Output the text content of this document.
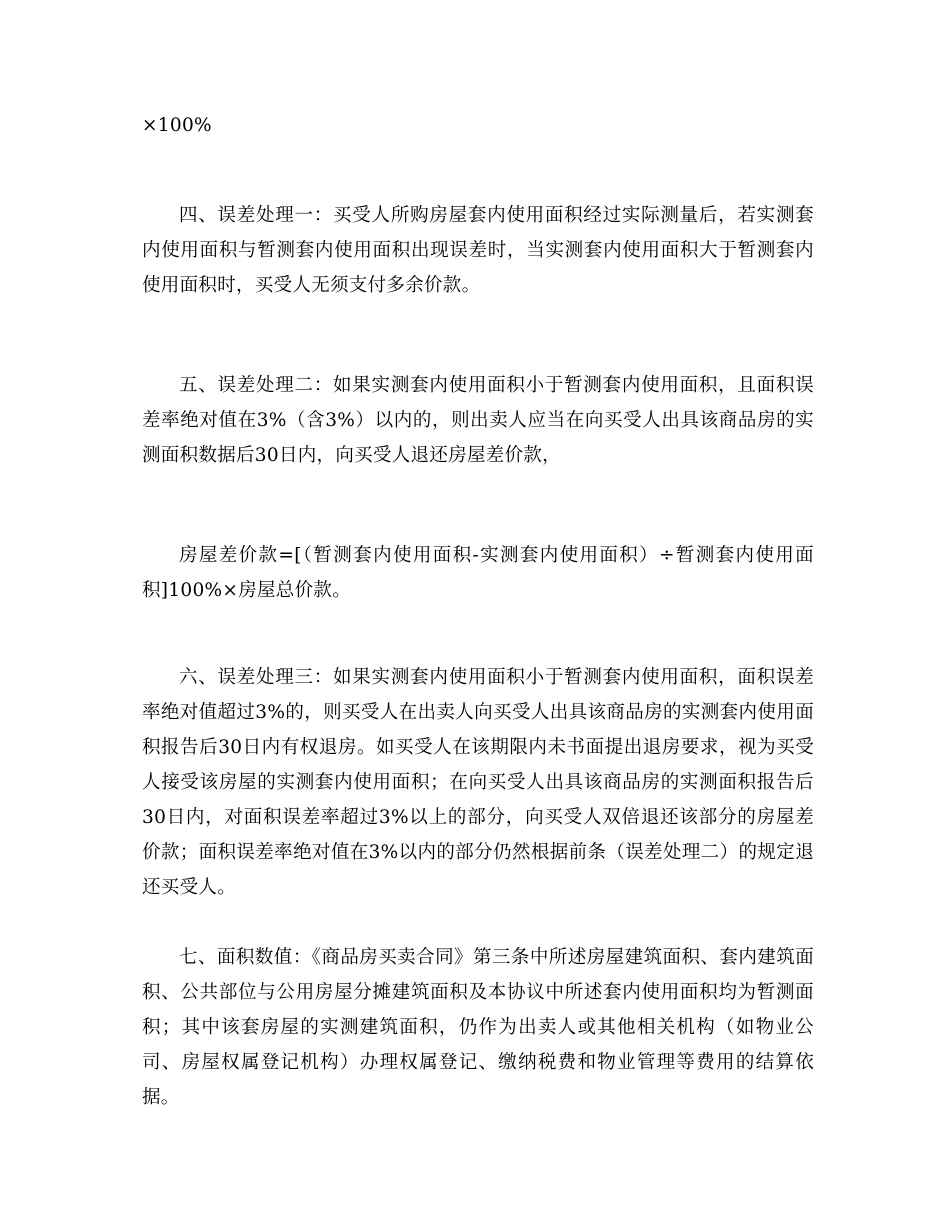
×100%

四、误差处理一：买受人所购房屋套内使用面积经过实际测量后，若实测套内使用面积与暂测套内使用面积出现误差时，当实测套内使用面积大于暂测套内使用面积时，买受人无须支付多余价款。

五、误差处理二：如果实测套内使用面积小于暂测套内使用面积，且面积误差率绝对值在3%（含3%）以内的，则出卖人应当在向买受人出具该商品房的实测面积数据后30日内，向买受人退还房屋差价款，

房屋差价款=[（暂测套内使用面积-实测套内使用面积）÷暂测套内使用面积]100%×房屋总价款。

六、误差处理三：如果实测套内使用面积小于暂测套内使用面积，面积误差率绝对值超过3%的，则买受人在出卖人向买受人出具该商品房的实测套内使用面积报告后30日内有权退房。如买受人在该期限内未书面提出退房要求，视为买受人接受该房屋的实测套内使用面积；在向买受人出具该商品房的实测面积报告后30日内，对面积误差率超过3%以上的部分，向买受人双倍退还该部分的房屋差价款；面积误差率绝对值在3%以内的部分仍然根据前条（误差处理二）的规定退还买受人。

七、面积数值：《商品房买卖合同》第三条中所述房屋建筑面积、套内建筑面积、公共部位与公用房屋分摊建筑面积及本协议中所述套内使用面积均为暂测面积；其中该套房屋的实测建筑面积，仍作为出卖人或其他相关机构（如物业公司、房屋权属登记机构）办理权属登记、缴纳税费和物业管理等费用的结算依据。
